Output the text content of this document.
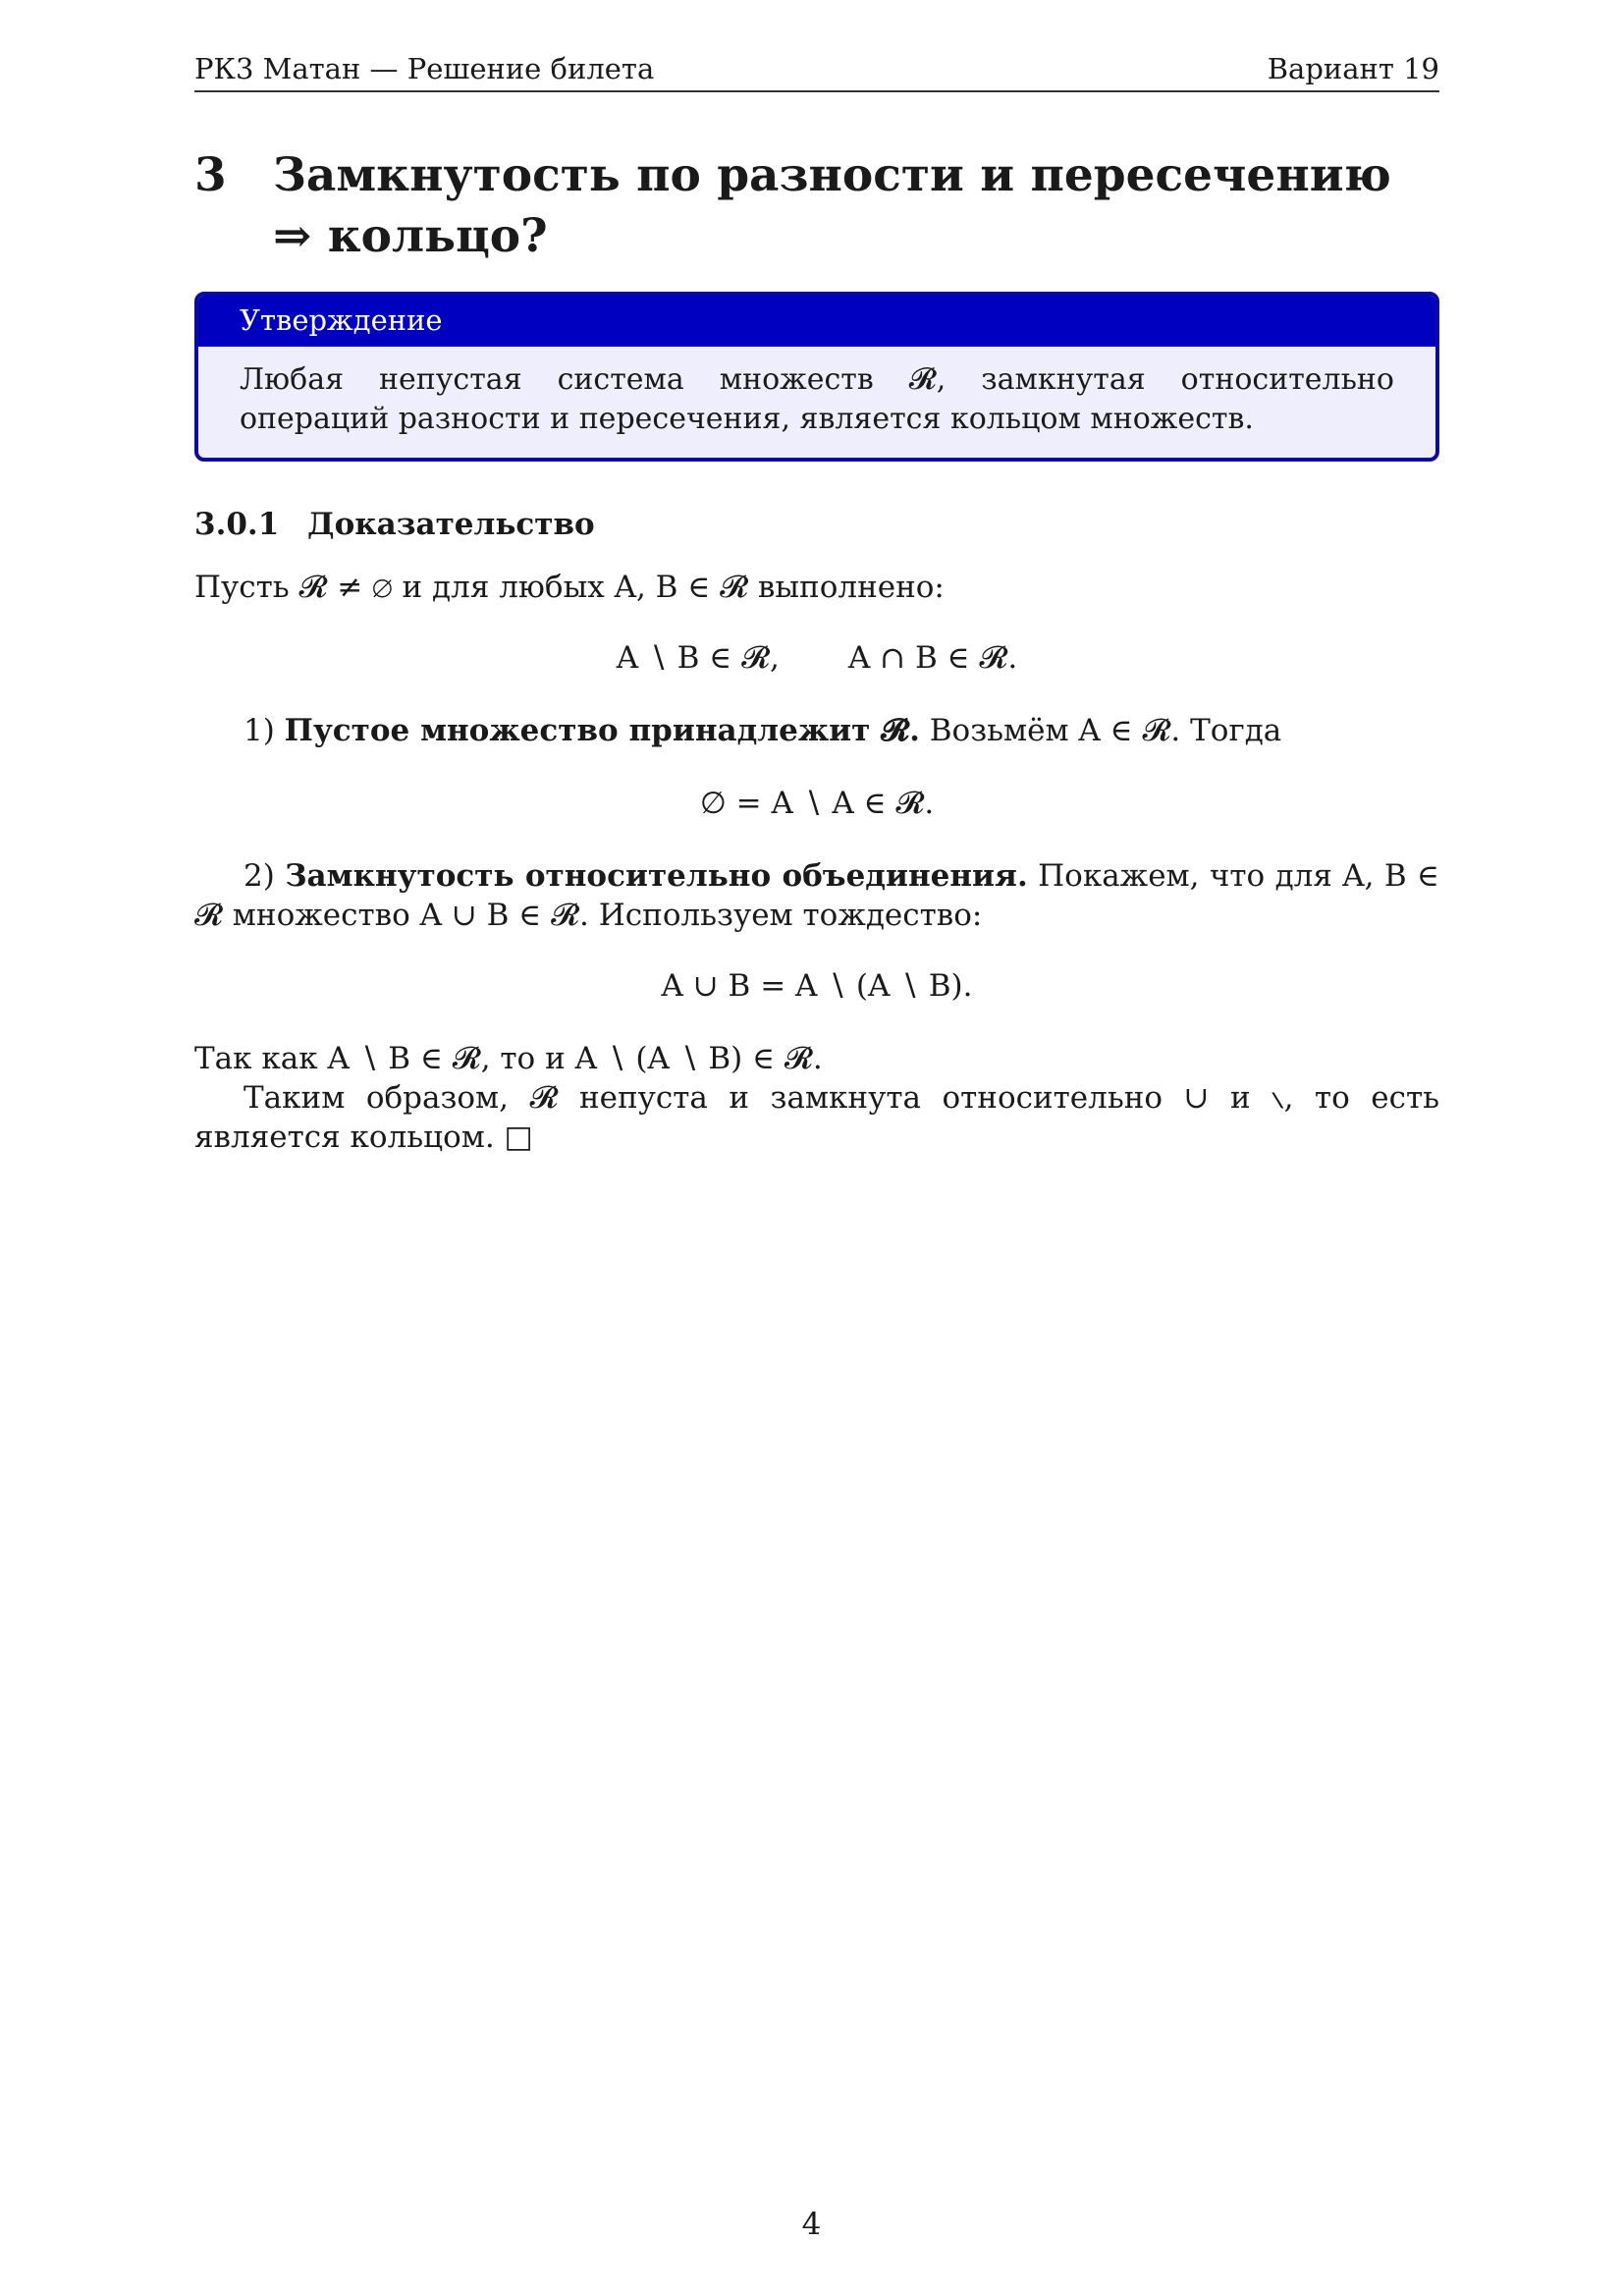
РК3 Матан — Решение билета	Вариант 19
3	Замкнутость по разности и пересечению ⇒ кольцо?
Утверждение
Любая непустая система множеств 𝓡, замкнутая относительно операций разности и пересечения, является кольцом множеств.
3.0.1 Доказательство
Пусть 𝓡 ≠ ∅ и для любых A, B ∈ 𝓡 выполнено:
A ∖ B ∈ 𝓡, A ∩ B ∈ 𝓡.
1) Пустое множество принадлежит 𝓡. Возьмём A ∈ 𝓡. Тогда
∅ = A ∖ A ∈ 𝓡.
2) Замкнутость относительно объединения. Покажем, что для A, B ∈ 𝓡 множество A ∪ B ∈ 𝓡. Используем тождество:
A ∪ B = A ∖ (A ∖ B).
Так как A ∖ B ∈ 𝓡, то и A ∖ (A ∖ B) ∈ 𝓡.
Таким образом, 𝓡 непуста и замкнута относительно ∪ и ∖, то есть является кольцом. □
4
